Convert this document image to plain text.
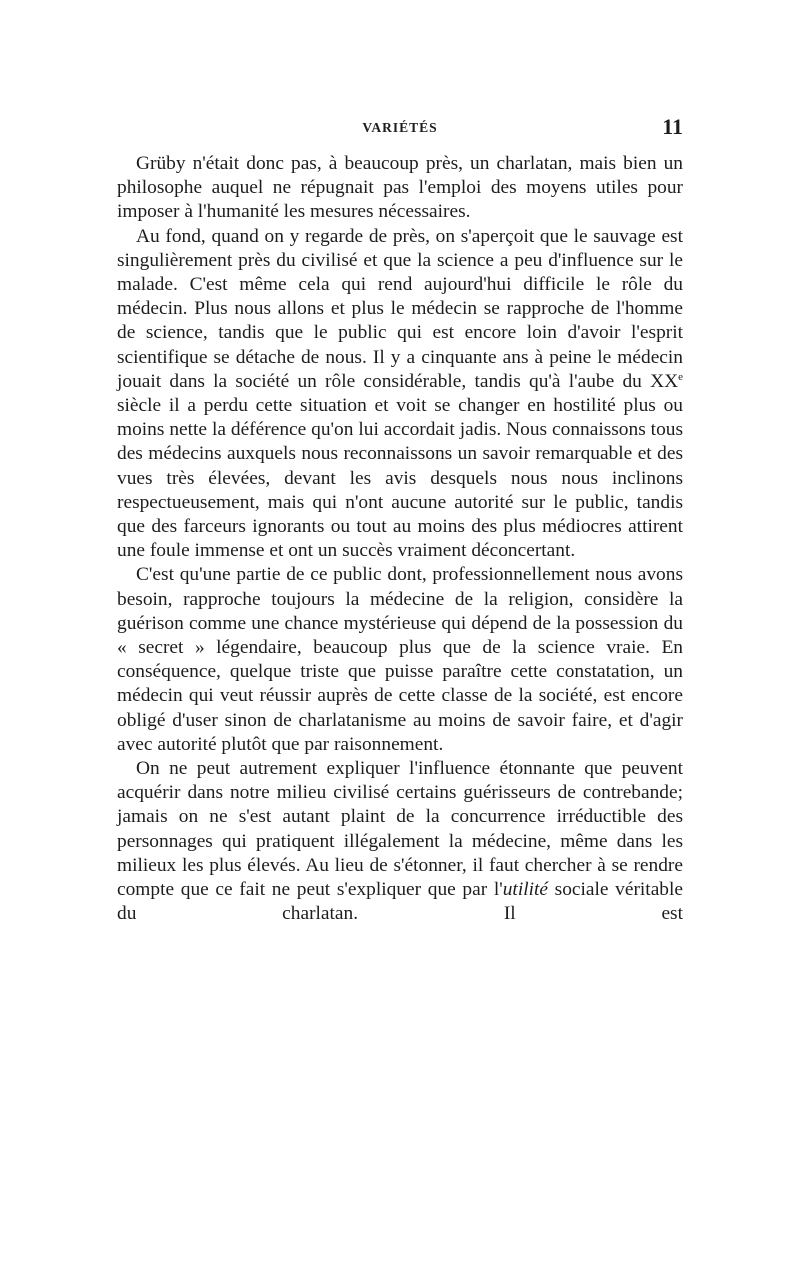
VARIÉTÉS	11

Grüby n'était donc pas, à beaucoup près, un charlatan, mais bien un philosophe auquel ne répugnait pas l'emploi des moyens utiles pour imposer à l'humanité les mesures nécessaires.

Au fond, quand on y regarde de près, on s'aperçoit que le sauvage est singulièrement près du civilisé et que la science a peu d'influence sur le malade. C'est même cela qui rend aujourd'hui difficile le rôle du médecin. Plus nous allons et plus le médecin se rapproche de l'homme de science, tandis que le public qui est encore loin d'avoir l'esprit scientifique se détache de nous. Il y a cinquante ans à peine le médecin jouait dans la société un rôle considérable, tandis qu'à l'aube du XXe siècle il a perdu cette situation et voit se changer en hostilité plus ou moins nette la déférence qu'on lui accordait jadis. Nous connaissons tous des médecins auxquels nous reconnaissons un savoir remarquable et des vues très élevées, devant les avis desquels nous nous inclinons respectueusement, mais qui n'ont aucune autorité sur le public, tandis que des farceurs ignorants ou tout au moins des plus médiocres attirent une foule immense et ont un succès vraiment déconcertant.

C'est qu'une partie de ce public dont, professionnellement nous avons besoin, rapproche toujours la médecine de la religion, considère la guérison comme une chance mystérieuse qui dépend de la possession du « secret » légendaire, beaucoup plus que de la science vraie. En conséquence, quelque triste que puisse paraître cette constatation, un médecin qui veut réussir auprès de cette classe de la société, est encore obligé d'user sinon de charlatanisme au moins de savoir faire, et d'agir avec autorité plutôt que par raisonnement.

On ne peut autrement expliquer l'influence étonnante que peuvent acquérir dans notre milieu civilisé certains guérisseurs de contrebande; jamais on ne s'est autant plaint de la concurrence irréductible des personnages qui pratiquent illégalement la médecine, même dans les milieux les plus élevés. Au lieu de s'étonner, il faut chercher à se rendre compte que ce fait ne peut s'expliquer que par l'utilité sociale véritable du charlatan. Il est
